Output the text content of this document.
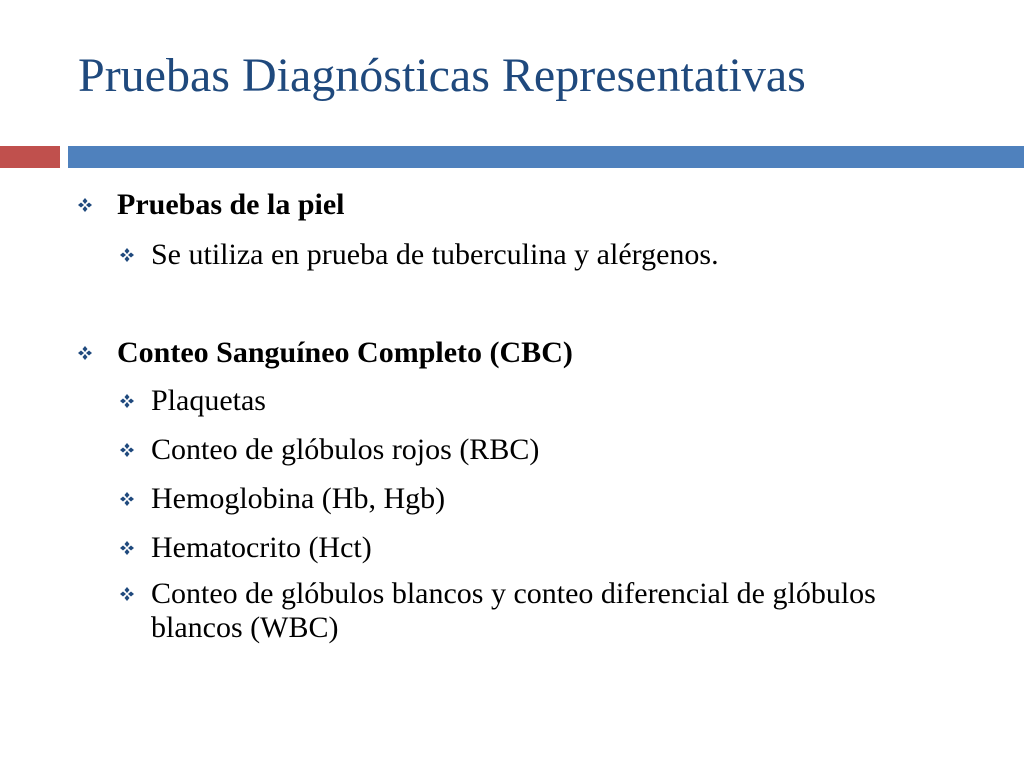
Pruebas Diagnósticas Representativas
Pruebas de la piel
Se utiliza en prueba de tuberculina y alérgenos.
Conteo Sanguíneo Completo (CBC)
Plaquetas
Conteo de glóbulos rojos (RBC)
Hemoglobina (Hb, Hgb)
Hematocrito (Hct)
Conteo de glóbulos blancos y conteo diferencial de glóbulos blancos (WBC)
